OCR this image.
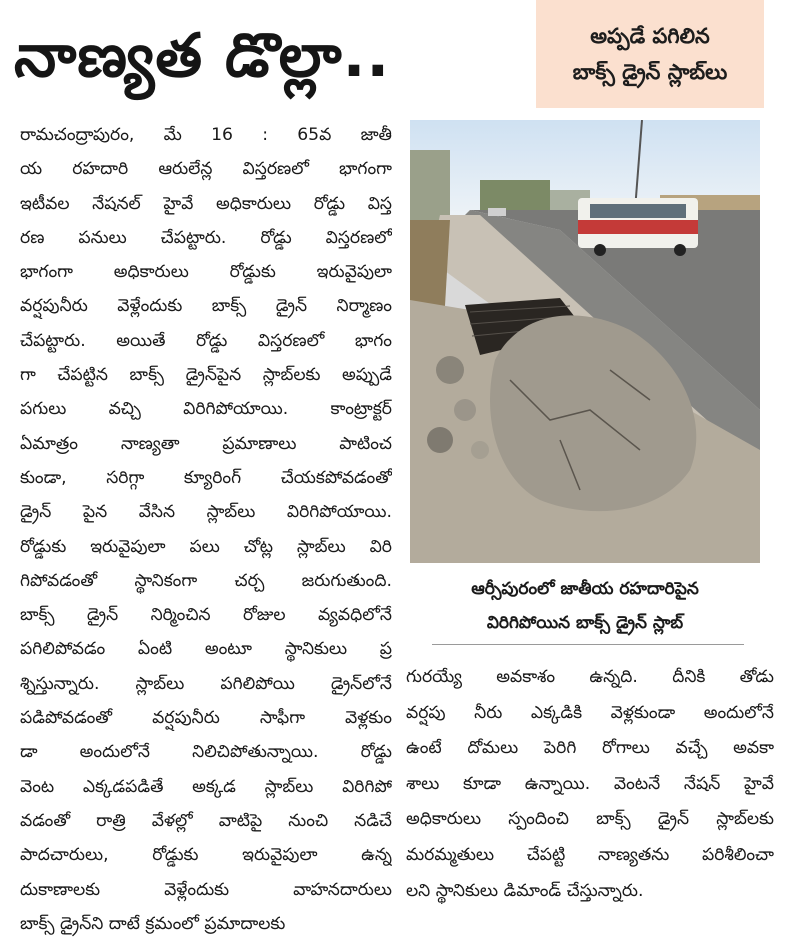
నాణ్యత డొల్లా..	అప్పడే పగిలిన
బాక్స్ డ్రైన్ స్లాబ్‌లు
రామచంద్రాపురం, మే 16 : 65వ జాతీ
య రహదారి ఆరులేన్ల విస్తరణలో భాగంగా
ఇటీవల నేషనల్ హైవే అధికారులు రోడ్డు విస్త
రణ పనులు చేపట్టారు. రోడ్డు విస్తరణలో
భాగంగా అధికారులు రోడ్డుకు ఇరువైపులా
వర్షపునీరు వెళ్లేందుకు బాక్స్ డ్రైన్ నిర్మాణం
చేపట్టారు. అయితే రోడ్డు విస్తరణలో భాగం
గా చేపట్టిన బాక్స్ డ్రైన్‌పైన స్లాబ్‌లకు అప్పుడే
పగులు వచ్చి విరిగిపోయాయి. కాంట్రాక్టర్
ఏమాత్రం నాణ్యతా ప్రమాణాలు పాటించ
కుండా, సరిగ్గా క్యూరింగ్ చేయకపోవడంతో
డ్రైన్ పైన వేసిన స్లాబ్‌లు విరిగిపోయాయి.
రోడ్డుకు ఇరువైపులా పలు చోట్ల స్లాబ్‌లు విరి
గిపోవడంతో స్థానికంగా చర్చ జరుగుతుంది.
బాక్స్ డ్రైన్ నిర్మించిన రోజుల వ్యవధిలోనే
పగిలిపోవడం ఏంటి అంటూ స్థానికులు ప్ర
శ్నిస్తున్నారు. స్లాబ్‌లు పగిలిపోయి డ్రైన్‌లోనే
పడిపోవడంతో వర్షపునీరు సాఫీగా వెళ్లకుం
డా అందులోనే నిలిచిపోతున్నాయి. రోడ్డు
వెంట ఎక్కడపడితే అక్కడ స్లాబ్‌లు విరిగిపో
వడంతో రాత్రి వేళల్లో వాటిపై నుంచి నడిచే
పాదచారులు, రోడ్డుకు ఇరువైపులా ఉన్న
దుకాణాలకు వెళ్లేందుకు వాహనదారులు
బాక్స్ డ్రైన్‌ని దాటే క్రమంలో ప్రమాదాలకు
ఆర్సీపురంలో జాతీయ రహదారిపైన
విరిగిపోయిన బాక్స్ డ్రైన్ స్లాబ్
గురయ్యే అవకాశం ఉన్నది. దీనికి తోడు
వర్షపు నీరు ఎక్కడికి వెళ్లకుండా అందులోనే
ఉంటే దోమలు పెరిగి రోగాలు వచ్చే అవకా
శాలు కూడా ఉన్నాయి. వెంటనే నేషన్ హైవే
అధికారులు స్పందించి బాక్స్ డ్రైన్ స్లాబ్‌లకు
మరమ్మతులు చేపట్టి నాణ్యతను పరిశీలించా
లని స్థానికులు డిమాండ్ చేస్తున్నారు.
